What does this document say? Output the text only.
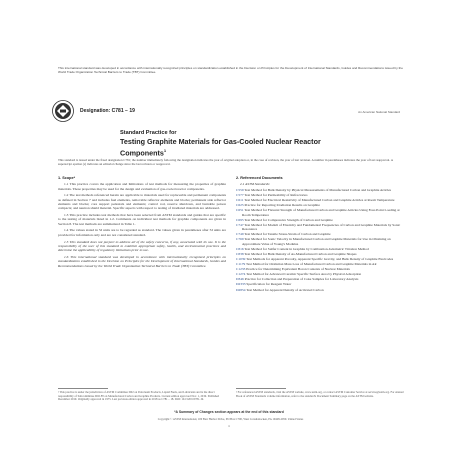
This international standard was developed in accordance with internationally recognized principles on standardization established in the Decision on Principles for the Development of International Standards, Guides and Recommendations issued by the World Trade Organization Technical Barriers to Trade (TBT) Committee.
Designation: C781 − 19	An American National Standard
Standard Practice for
Testing Graphite Materials for Gas-Cooled Nuclear Reactor
Components$^1$
This standard is issued under the fixed designation C781; the number immediately following the designation indicates the year of original adoption or, in the case of revision, the year of last revision. A number in parentheses indicates the year of last reapproval. A superscript epsilon (ε) indicates an editorial change since the last revision or reapproval.
1. Scope*

1.1 This practice covers the application and limitations of test methods for measuring the properties of graphite materials. These properties may be used for the design and evaluation of gas-cooled reactor components.

1.2 The test methods referenced herein are applicable to materials used for replaceable and permanent components as defined in Section 7 and includes fuel elements, removable reflector elements and blocks; permanent side reflector elements and blocks; core support pedestals and elements; control rod, reserve shutdown, and burnable poison compacts; and neutron shield material. Specific aspects with respect to testing of irradiated materials are addressed.

1.3 This practice includes test methods that have been selected from ASTM standards and guides that are specific to the testing of materials listed in 1.2. Comments on individual test methods for graphite components are given in Section 8. The test methods are summarized in Table 1.

1.4 The values stated in SI units are to be regarded as standard. The values given in parentheses after SI units are provided for information only and are not considered standard.

1.5 This standard does not purport to address all of the safety concerns, if any, associated with its use. It is the responsibility of the user of this standard to establish appropriate safety, health, and environmental practices and determine the applicability of regulatory limitations prior to use.

1.6 This international standard was developed in accordance with internationally recognized principles on standardization established in the Decision on Principles for the Development of International Standards, Guides and Recommendations issued by the World Trade Organization Technical Barriers to Trade (TBT) Committee.

2. Referenced Documents
2.1 ASTM Standards:
C559 Test Method for Bulk Density by Physical Measurements of Manufactured Carbon and Graphite Articles
C577 Test Method for Permeability of Refractories
C611 Test Method for Electrical Resistivity of Manufactured Carbon and Graphite Articles at Room Temperature
C625 Practice for Reporting Irradiation Results on Graphite
C651 Test Method for Flexural Strength of Manufactured Carbon and Graphite Articles Using Four-Point Loading at Room Temperature
C695 Test Method for Compressive Strength of Carbon and Graphite
C747 Test Method for Moduli of Elasticity and Fundamental Frequencies of Carbon and Graphite Materials by Sonic Resonance
C749 Test Method for Tensile Stress-Strain of Carbon and Graphite
C769 Test Method for Sonic Velocity in Manufactured Carbon and Graphite Materials for Use in Obtaining an Approximate Value of Young's Modulus
C816 Test Method for Sulfur Content in Graphite by Combustion-Iodometric Titration Method
C838 Test Method for Bulk Density of As-Manufactured Carbon and Graphite Shapes
C1039 Test Methods for Apparent Porosity, Apparent Specific Gravity, and Bulk Density of Graphite Electrodes
C1179 Test Method for Oxidation Mass Loss of Manufactured Carbon and Graphite Materials in Air
C1233 Practice for Determining Equivalent Boron Contents of Nuclear Materials
C1274 Test Method for Advanced Ceramic Specific Surface Area by Physical Adsorption
D346 Practice for Collection and Preparation of Coke Samples for Laboratory Analysis
D2333 Specification for Reagent Water
D2854 Test Method for Apparent Density of Activated Carbon
¹ This practice is under the jurisdiction of ASTM Committee D02 on Petroleum Products, Liquid Fuels, and Lubricants and is the direct responsibility of Subcommittee D02.F0 on Manufactured Carbon and Graphite Products. Current edition approved Nov. 1, 2019. Published December 2019. Originally approved in 1975. Last previous edition approved in 2018 as C781 – 18. DOI: 10.1520/C0781-19.
² For referenced ASTM standards, visit the ASTM website, www.astm.org, or contact ASTM Customer Service at service@astm.org. For Annual Book of ASTM Standards volume information, refer to the standard's Document Summary page on the ASTM website.
*A Summary of Changes section appears at the end of this standard
Copyright © ASTM International, 100 Barr Harbor Drive, PO Box C700, West Conshohocken, PA 19428-2959. United States
1
